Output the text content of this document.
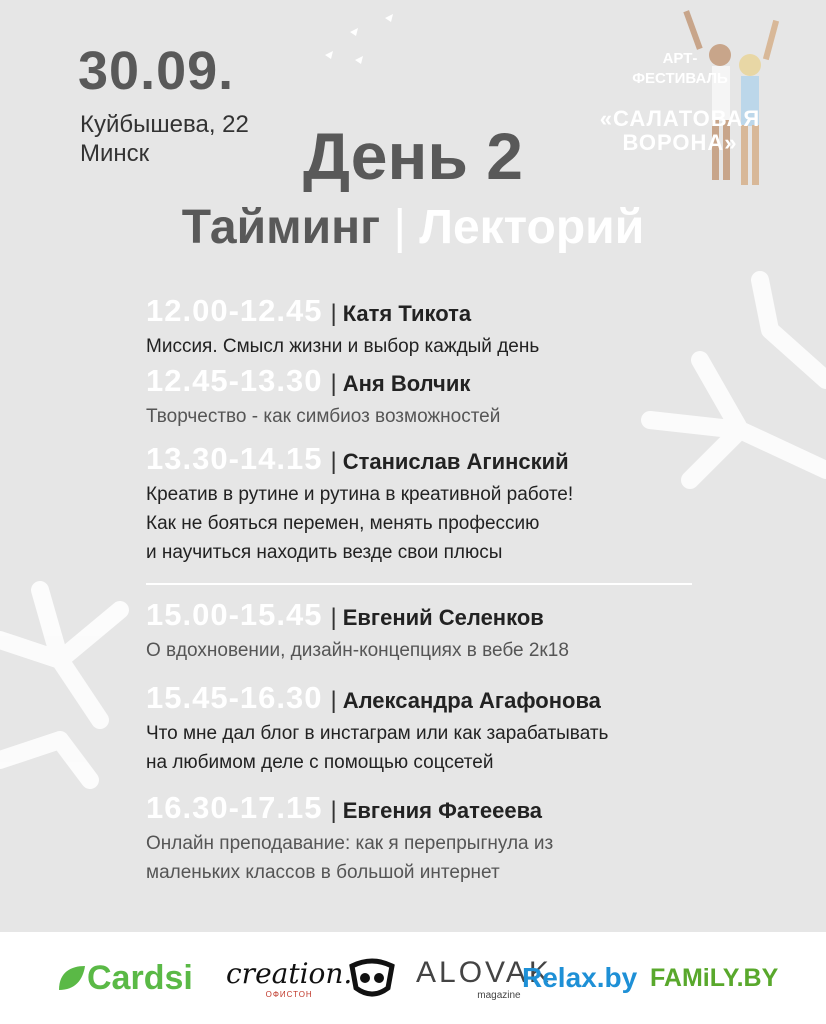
30.09.
Куйбышева, 22
Минск
АРТ-
ФЕСТИВАЛЬ
«САЛАТОВАЯ
ВОРОНА»
День 2
Тайминг | Лекторий
12.00-12.45 | Катя Тикота
Миссия. Смысл жизни и выбор каждый день
12.45-13.30 | Аня Волчик
Творчество - как симбиоз возможностей
13.30-14.15 | Станислав Агинский
Креатив в рутине и рутина в креативной работе!
Как не бояться перемен, менять профессию
и научиться находить везде свои плюсы
15.00-15.45 | Евгений Селенков
О вдохновении, дизайн-концепциях в вебе 2к18
15.45-16.30 | Александра Агафонова
Что мне дал блог в инстаграм или как зарабатывать
на любимом деле с помощью соцсетей
16.30-17.15 | Евгения Фатееева
Онлайн преподавание: как я перепрыгнула из
маленьких классов в большой интернет
Cardsi creation.
ОФИСТОН
ALOVAK
magazine
Relax.by FAMiLY.BY
